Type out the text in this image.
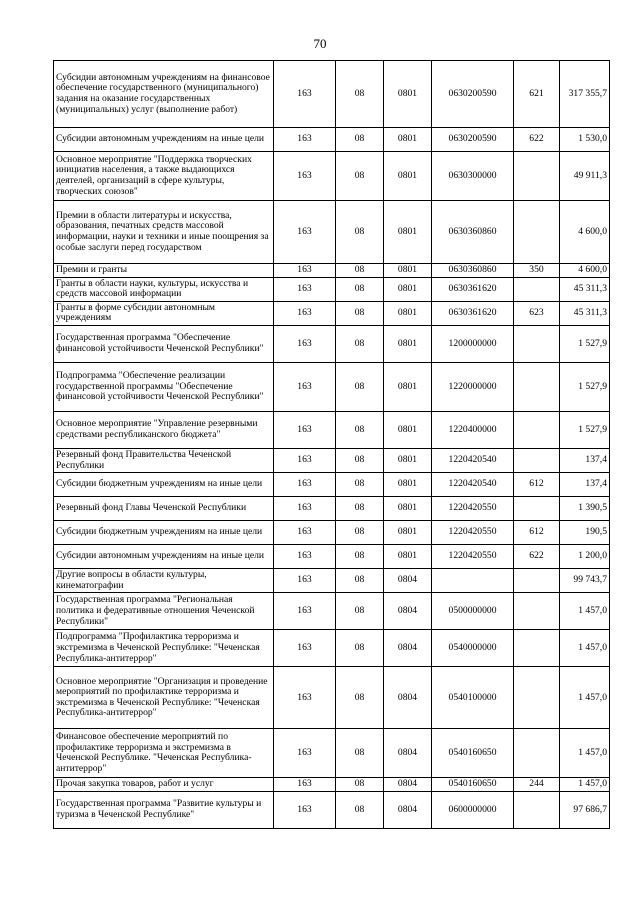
70
Субсидии автономным учреждениям на финансовое обеспечение государственного (муниципального) задания на оказание государственных (муниципальных) услуг (выполнение работ)	163	08	0801	0630200590	621	317 355,7
Субсидии автономным учреждениям на иные цели	163	08	0801	0630200590	622	1 530,0
Основное мероприятие "Поддержка творческих инициатив населения, а также выдающихся деятелей, организаций в сфере культуры, творческих союзов"	163	08	0801	0630300000		49 911,3
Премии в области литературы и искусства, образования, печатных средств массовой информации, науки и техники и иные поощрения за особые заслуги перед государством	163	08	0801	0630360860		4 600,0
Премии и гранты	163	08	0801	0630360860	350	4 600,0
Гранты в области науки, культуры, искусства и средств массовой информации	163	08	0801	0630361620		45 311,3
Гранты в форме субсидии автономным учреждениям	163	08	0801	0630361620	623	45 311,3
Государственная программа "Обеспечение финансовой устойчивости Чеченской Республики"	163	08	0801	1200000000		1 527,9
Подпрограмма "Обеспечение реализации государственной программы "Обеспечение финансовой устойчивости Чеченской Республики"	163	08	0801	1220000000		1 527,9
Основное мероприятие "Управление резервными средствами республиканского бюджета"	163	08	0801	1220400000		1 527,9
Резервный фонд Правительства Чеченской Республики	163	08	0801	1220420540		137,4
Субсидии бюджетным учреждениям на иные цели	163	08	0801	1220420540	612	137,4
Резервный фонд Главы Чеченской Республики	163	08	0801	1220420550		1 390,5
Субсидии бюджетным учреждениям на иные цели	163	08	0801	1220420550	612	190,5
Субсидии автономным учреждениям на иные цели	163	08	0801	1220420550	622	1 200,0
Другие вопросы в области культуры, кинематографии	163	08	0804			99 743,7
Государственная программа "Региональная политика и федеративные отношения Чеченской Республики"	163	08	0804	0500000000		1 457,0
Подпрограмма "Профилактика терроризма и экстремизма в Чеченской Республике: "Чеченская Республика-антитеррор"	163	08	0804	0540000000		1 457,0
Основное мероприятие "Организация и проведение мероприятий по профилактике терроризма и экстремизма в Чеченской Республике: "Чеченская Республика-антитеррор"	163	08	0804	0540100000		1 457,0
Финансовое обеспечение мероприятий по профилактике терроризма и экстремизма в Чеченской Республике. "Чеченская Республика-антитеррор"	163	08	0804	0540160650		1 457,0
Прочая закупка товаров, работ и услуг	163	08	0804	0540160650	244	1 457,0
Государственная программа "Развитие культуры и туризма в Чеченской Республике"	163	08	0804	0600000000		97 686,7
